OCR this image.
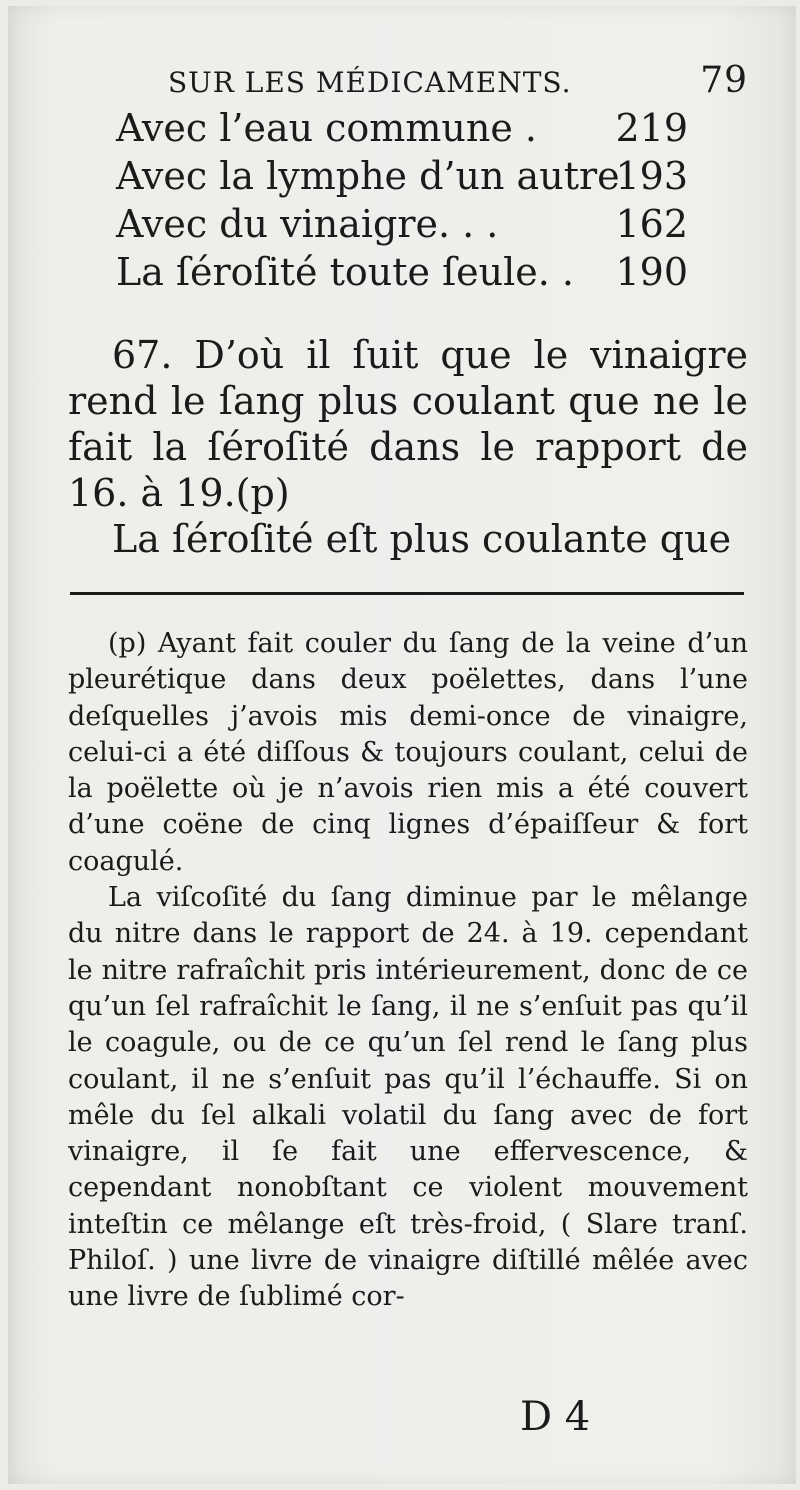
SUR LES MÉDICAMENTS.	79
Avec l’eau commune . 219
Avec la lymphe d’un autre
193
Avec du vinaigre. . .	162
La ſéroſité toute ſeule. . 190

67. D’où il ſuit que le vinaigre rend le ſang plus coulant que ne le fait la ſéroſité dans le rapport de 16. à 19.(p)

La ſéroſité eſt plus coulante que

(p) Ayant fait couler du ſang de la veine d’un pleurétique dans deux poëlettes, dans l’une deſquelles j’avois mis demi-once de vinaigre, celui-ci a été diſſous & toujours coulant, celui de la poëlette où je n’avois rien mis a été couvert d’une coëne de cinq lignes d’épaiſſeur & fort coagulé.

La viſcoſité du ſang diminue par le mêlange du nitre dans le rapport de 24. à 19. cependant le nitre rafraîchit pris intérieurement, donc de ce qu’un ſel rafraîchit le ſang, il ne s’enſuit pas qu’il le coagule, ou de ce qu’un ſel rend le ſang plus coulant, il ne s’enſuit pas qu’il l’échauffe. Si on mêle du ſel alkali volatil du ſang avec de fort vinaigre, il ſe fait une effervescence, & cependant nonobſtant ce violent mouvement inteſtin ce mêlange eſt très-froid, ( Slare tranſ. Philoſ. ) une livre de vinaigre diſtillé mêlée avec une livre de ſublimé cor-

D 4
